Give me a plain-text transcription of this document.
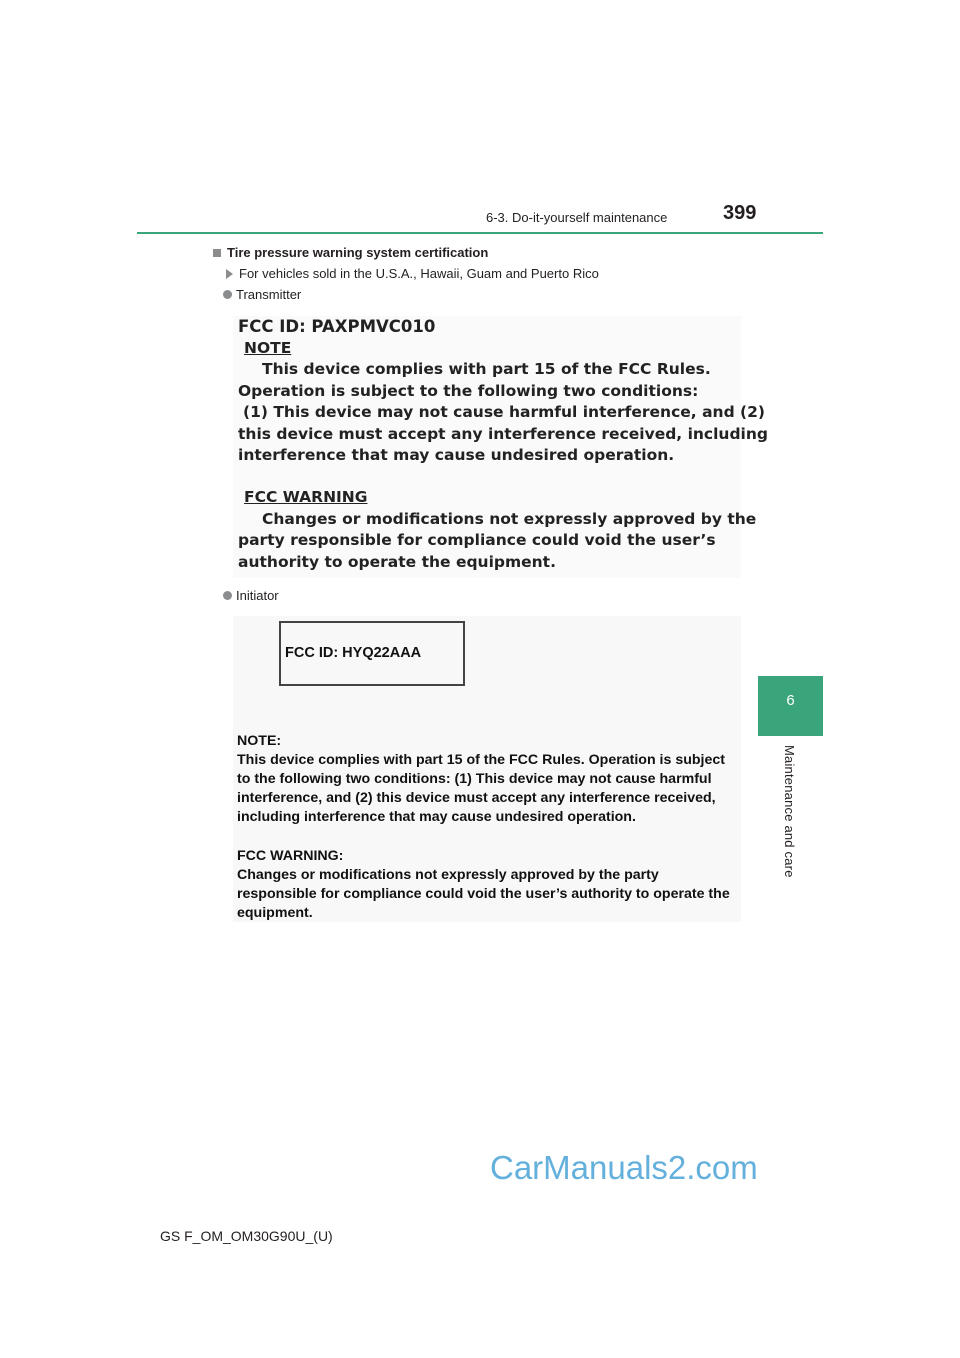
6-3. Do-it-yourself maintenance	399
6
Maintenance and care
Tire pressure warning system certification
For vehicles sold in the U.S.A., Hawaii, Guam and Puerto Rico
Transmitter
FCC ID: PAXPMVC010
NOTE
This device complies with part 15 of the FCC Rules.
Operation is subject to the following two conditions:
(1) This device may not cause harmful interference, and (2)
this device must accept any interference received, including
interference that may cause undesired operation.
FCC WARNING
Changes or modifications not expressly approved by the
party responsible for compliance could void the user’s
authority to operate the equipment.
Initiator
FCC ID: HYQ22AAA
NOTE:
This device complies with part 15 of the FCC Rules. Operation is subject
to the following two conditions: (1) This device may not cause harmful
interference, and (2) this device must accept any interference received,
including interference that may cause undesired operation.
FCC WARNING:
Changes or modifications not expressly approved by the party
responsible for compliance could void the user’s authority to operate the
equipment.
CarManuals2.com
GS F_OM_OM30G90U_(U)
